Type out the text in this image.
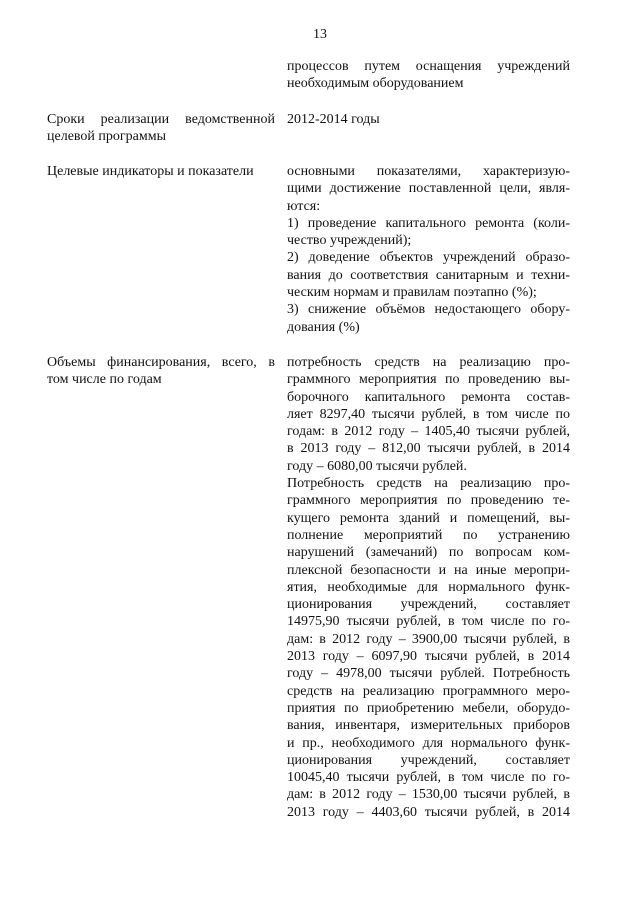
13
процессов путем оснащения учреждений
необходимым оборудованием
Сроки реализации ведомственной
целевой программы
2012-2014 годы
Целевые индикаторы и показатели	основными показателями, характеризую-
щими достижение поставленной цели, явля-
ются:
1) проведение капитального ремонта (коли-
чество учреждений);
2) доведение объектов учреждений образо-
вания до соответствия санитарным и техни-
ческим нормам и правилам поэтапно (%);
3) снижение объёмов недостающего обору-
дования (%)
Объемы финансирования, всего, в
том числе по годам
потребность средств на реализацию про-
граммного мероприятия по проведению вы-
борочного капитального ремонта состав-
ляет 8297,40 тысячи рублей, в том числе по
годам: в 2012 году – 1405,40 тысячи рублей,
в 2013 году – 812,00 тысячи рублей, в 2014
году – 6080,00 тысячи рублей.
Потребность средств на реализацию про-
граммного мероприятия по проведению те-
кущего ремонта зданий и помещений, вы-
полнение мероприятий по устранению
нарушений (замечаний) по вопросам ком-
плексной безопасности и на иные меропри-
ятия, необходимые для нормального функ-
ционирования учреждений, составляет
14975,90 тысячи рублей, в том числе по го-
дам: в 2012 году – 3900,00 тысячи рублей, в
2013 году – 6097,90 тысячи рублей, в 2014
году – 4978,00 тысячи рублей. Потребность
средств на реализацию программного меро-
приятия по приобретению мебели, оборудо-
вания, инвентаря, измерительных приборов
и пр., необходимого для нормального функ-
ционирования учреждений, составляет
10045,40 тысячи рублей, в том числе по го-
дам: в 2012 году – 1530,00 тысячи рублей, в
2013 году – 4403,60 тысячи рублей, в 2014
